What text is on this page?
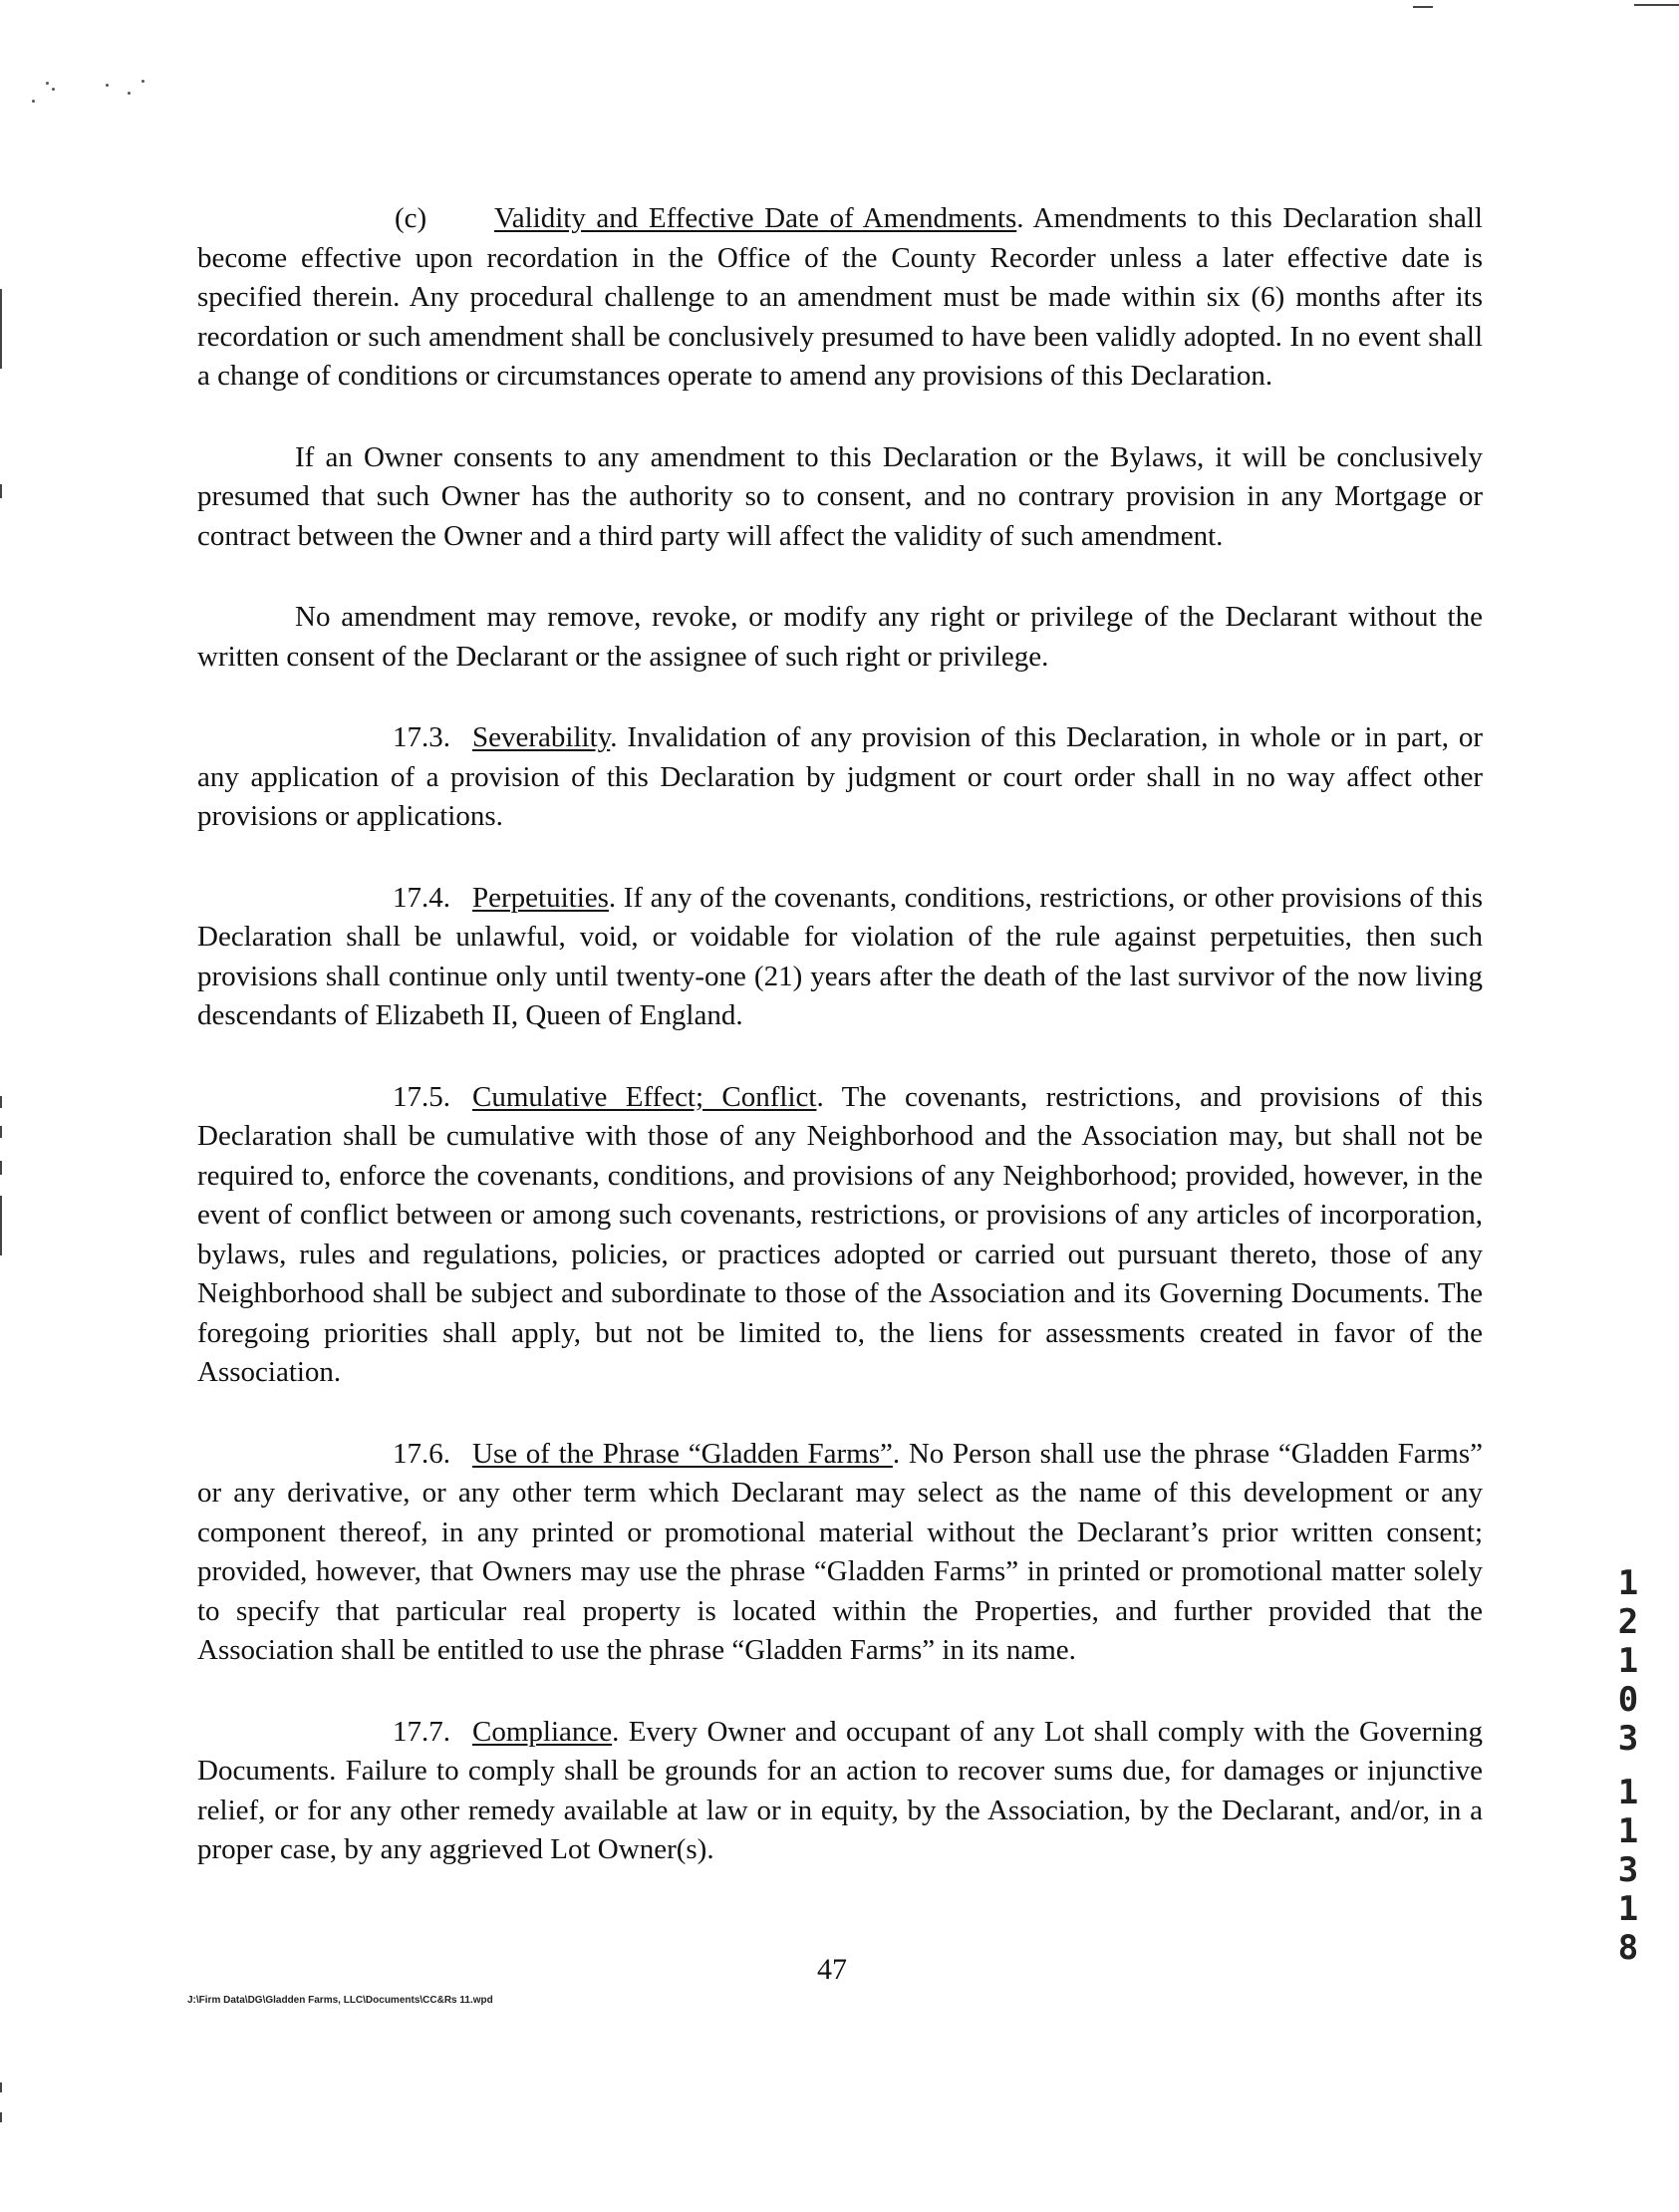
(c) Validity and Effective Date of Amendments. Amendments to this Declaration shall become effective upon recordation in the Office of the County Recorder unless a later effective date is specified therein. Any procedural challenge to an amendment must be made within six (6) months after its recordation or such amendment shall be conclusively presumed to have been validly adopted. In no event shall a change of conditions or circumstances operate to amend any provisions of this Declaration.

If an Owner consents to any amendment to this Declaration or the Bylaws, it will be conclusively presumed that such Owner has the authority so to consent, and no contrary provision in any Mortgage or contract between the Owner and a third party will affect the validity of such amendment.

No amendment may remove, revoke, or modify any right or privilege of the Declarant without the written consent of the Declarant or the assignee of such right or privilege.

17.3. Severability. Invalidation of any provision of this Declaration, in whole or in part, or any application of a provision of this Declaration by judgment or court order shall in no way affect other provisions or applications.

17.4. Perpetuities. If any of the covenants, conditions, restrictions, or other provisions of this Declaration shall be unlawful, void, or voidable for violation of the rule against perpetuities, then such provisions shall continue only until twenty-one (21) years after the death of the last survivor of the now living descendants of Elizabeth II, Queen of England.

17.5. Cumulative Effect; Conflict. The covenants, restrictions, and provisions of this Declaration shall be cumulative with those of any Neighborhood and the Association may, but shall not be required to, enforce the covenants, conditions, and provisions of any Neighborhood; provided, however, in the event of conflict between or among such covenants, restrictions, or provisions of any articles of incorporation, bylaws, rules and regulations, policies, or practices adopted or carried out pursuant thereto, those of any Neighborhood shall be subject and subordinate to those of the Association and its Governing Documents. The foregoing priorities shall apply, but not be limited to, the liens for assessments created in favor of the Association.

17.6. Use of the Phrase “Gladden Farms”. No Person shall use the phrase “Gladden Farms” or any derivative, or any other term which Declarant may select as the name of this development or any component thereof, in any printed or promotional material without the Declarant’s prior written consent; provided, however, that Owners may use the phrase “Gladden Farms” in printed or promotional matter solely to specify that particular real property is located within the Properties, and further provided that the Association shall be entitled to use the phrase “Gladden Farms” in its name.

17.7. Compliance. Every Owner and occupant of any Lot shall comply with the Governing Documents. Failure to comply shall be grounds for an action to recover sums due, for damages or injunctive relief, or for any other remedy available at law or in equity, by the Association, by the Declarant, and/or, in a proper case, by any aggrieved Lot Owner(s).

47
J:\Firm Data\DG\Gladden Farms, LLC\Documents\CC&Rs 11.wpd
1
2
1
0
3
1
1
3
1
8
